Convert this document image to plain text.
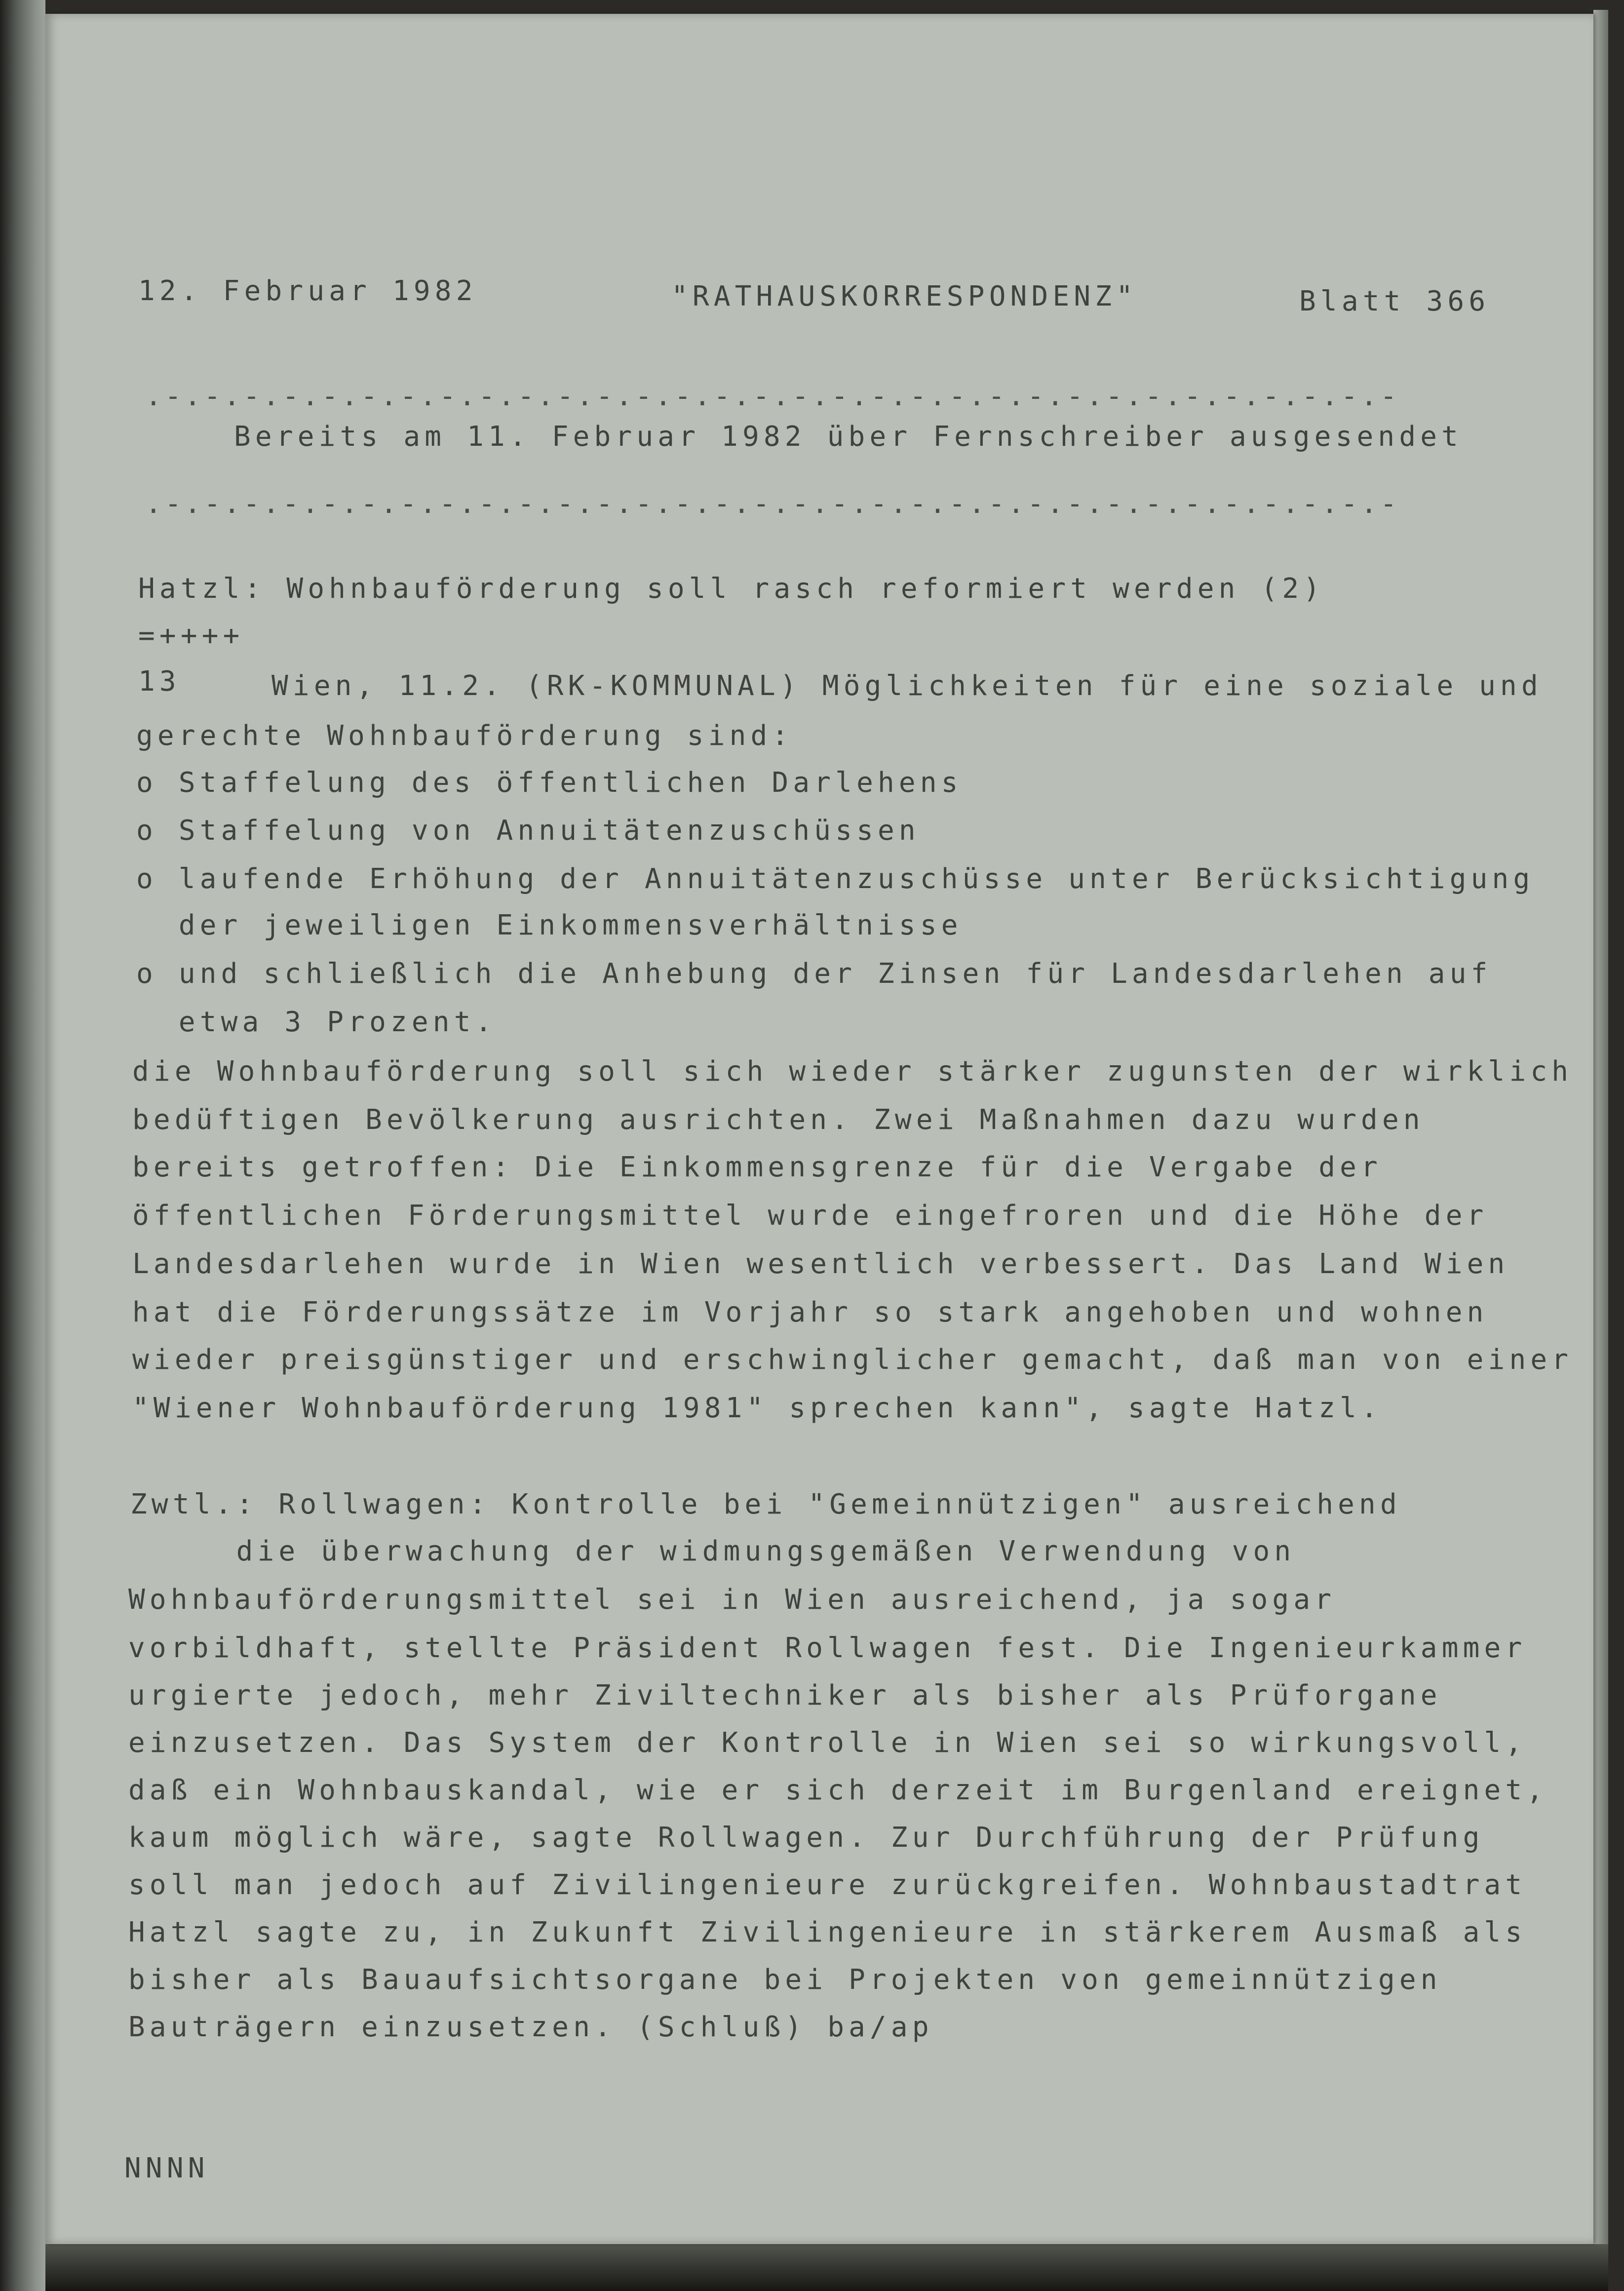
12. Februar 1982	"RATHAUSKORRESPONDENZ"	Blatt 366

.-.-.-.-.-.-.-.-.-.-.-.-.-.-.-.-.-.-.-.-.-.-.-.-.-.-.-.-.-.-.-.-

Bereits am 11. Februar 1982 über Fernschreiber ausgesendet

.-.-.-.-.-.-.-.-.-.-.-.-.-.-.-.-.-.-.-.-.-.-.-.-.-.-.-.-.-.-.-.-

Hatzl: Wohnbauförderung soll rasch reformiert werden (2)

=++++

13	Wien, 11.2. (RK-KOMMUNAL) Möglichkeiten für eine soziale und

gerechte Wohnbauförderung sind:

o Staffelung des öffentlichen Darlehens

o Staffelung von Annuitätenzuschüssen

o laufende Erhöhung der Annuitätenzuschüsse unter Berücksichtigung

der jeweiligen Einkommensverhältnisse

o und schließlich die Anhebung der Zinsen für Landesdarlehen auf

etwa 3 Prozent.

die Wohnbauförderung soll sich wieder stärker zugunsten der wirklich

bedüftigen Bevölkerung ausrichten. Zwei Maßnahmen dazu wurden

bereits getroffen: Die Einkommensgrenze für die Vergabe der

öffentlichen Förderungsmittel wurde eingefroren und die Höhe der

Landesdarlehen wurde in Wien wesentlich verbessert. Das Land Wien

hat die Förderungssätze im Vorjahr so stark angehoben und wohnen

wieder preisgünstiger und erschwinglicher gemacht, daß man von einer

"Wiener Wohnbauförderung 1981" sprechen kann", sagte Hatzl.

Zwtl.: Rollwagen: Kontrolle bei "Gemeinnützigen" ausreichend

die überwachung der widmungsgemäßen Verwendung von

Wohnbauförderungsmittel sei in Wien ausreichend, ja sogar

vorbildhaft, stellte Präsident Rollwagen fest. Die Ingenieurkammer

urgierte jedoch, mehr Ziviltechniker als bisher als Prüforgane

einzusetzen. Das System der Kontrolle in Wien sei so wirkungsvoll,

daß ein Wohnbauskandal, wie er sich derzeit im Burgenland ereignet,

kaum möglich wäre, sagte Rollwagen. Zur Durchführung der Prüfung

soll man jedoch auf Zivilingenieure zurückgreifen. Wohnbaustadtrat

Hatzl sagte zu, in Zukunft Zivilingenieure in stärkerem Ausmaß als

bisher als Bauaufsichtsorgane bei Projekten von gemeinnützigen

Bauträgern einzusetzen. (Schluß) ba/ap

NNNN
